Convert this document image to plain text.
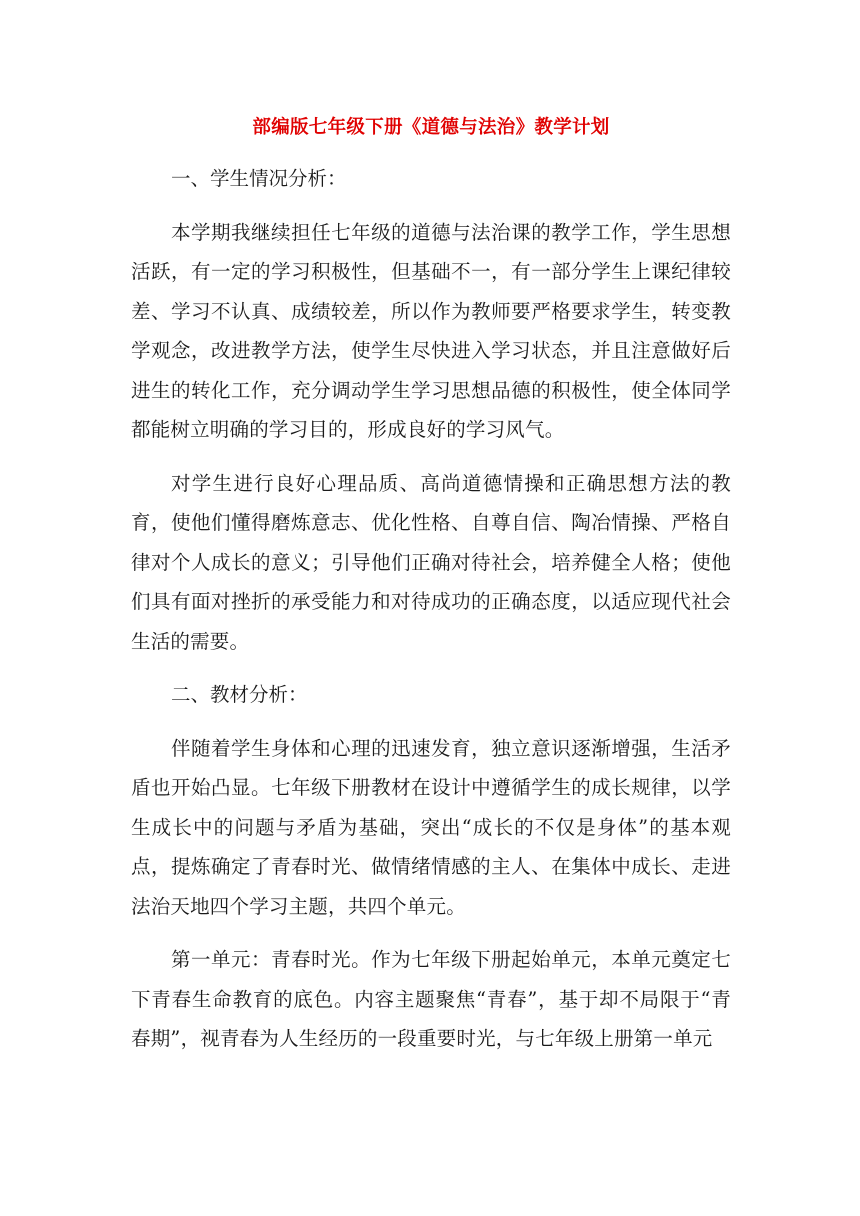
部编版七年级下册《道德与法治》教学计划

一、学生情况分析：

本学期我继续担任七年级的道德与法治课的教学工作，学生思想活跃，有一定的学习积极性，但基础不一，有一部分学生上课纪律较差、学习不认真、成绩较差，所以作为教师要严格要求学生，转变教学观念，改进教学方法，使学生尽快进入学习状态，并且注意做好后进生的转化工作，充分调动学生学习思想品德的积极性，使全体同学都能树立明确的学习目的，形成良好的学习风气。

对学生进行良好心理品质、高尚道德情操和正确思想方法的教育，使他们懂得磨炼意志、优化性格、自尊自信、陶冶情操、严格自律对个人成长的意义；引导他们正确对待社会，培养健全人格；使他们具有面对挫折的承受能力和对待成功的正确态度，以适应现代社会生活的需要。

二、教材分析：

伴随着学生身体和心理的迅速发育，独立意识逐渐增强，生活矛盾也开始凸显。七年级下册教材在设计中遵循学生的成长规律，以学生成长中的问题与矛盾为基础，突出“成长的不仅是身体”的基本观点，提炼确定了青春时光、做情绪情感的主人、在集体中成长、走进法治天地四个学习主题，共四个单元。

第一单元：青春时光。作为七年级下册起始单元，本单元奠定七下青春生命教育的底色。内容主题聚焦“青春”，基于却不局限于“青春期”，视青春为人生经历的一段重要时光，与七年级上册第一单元
